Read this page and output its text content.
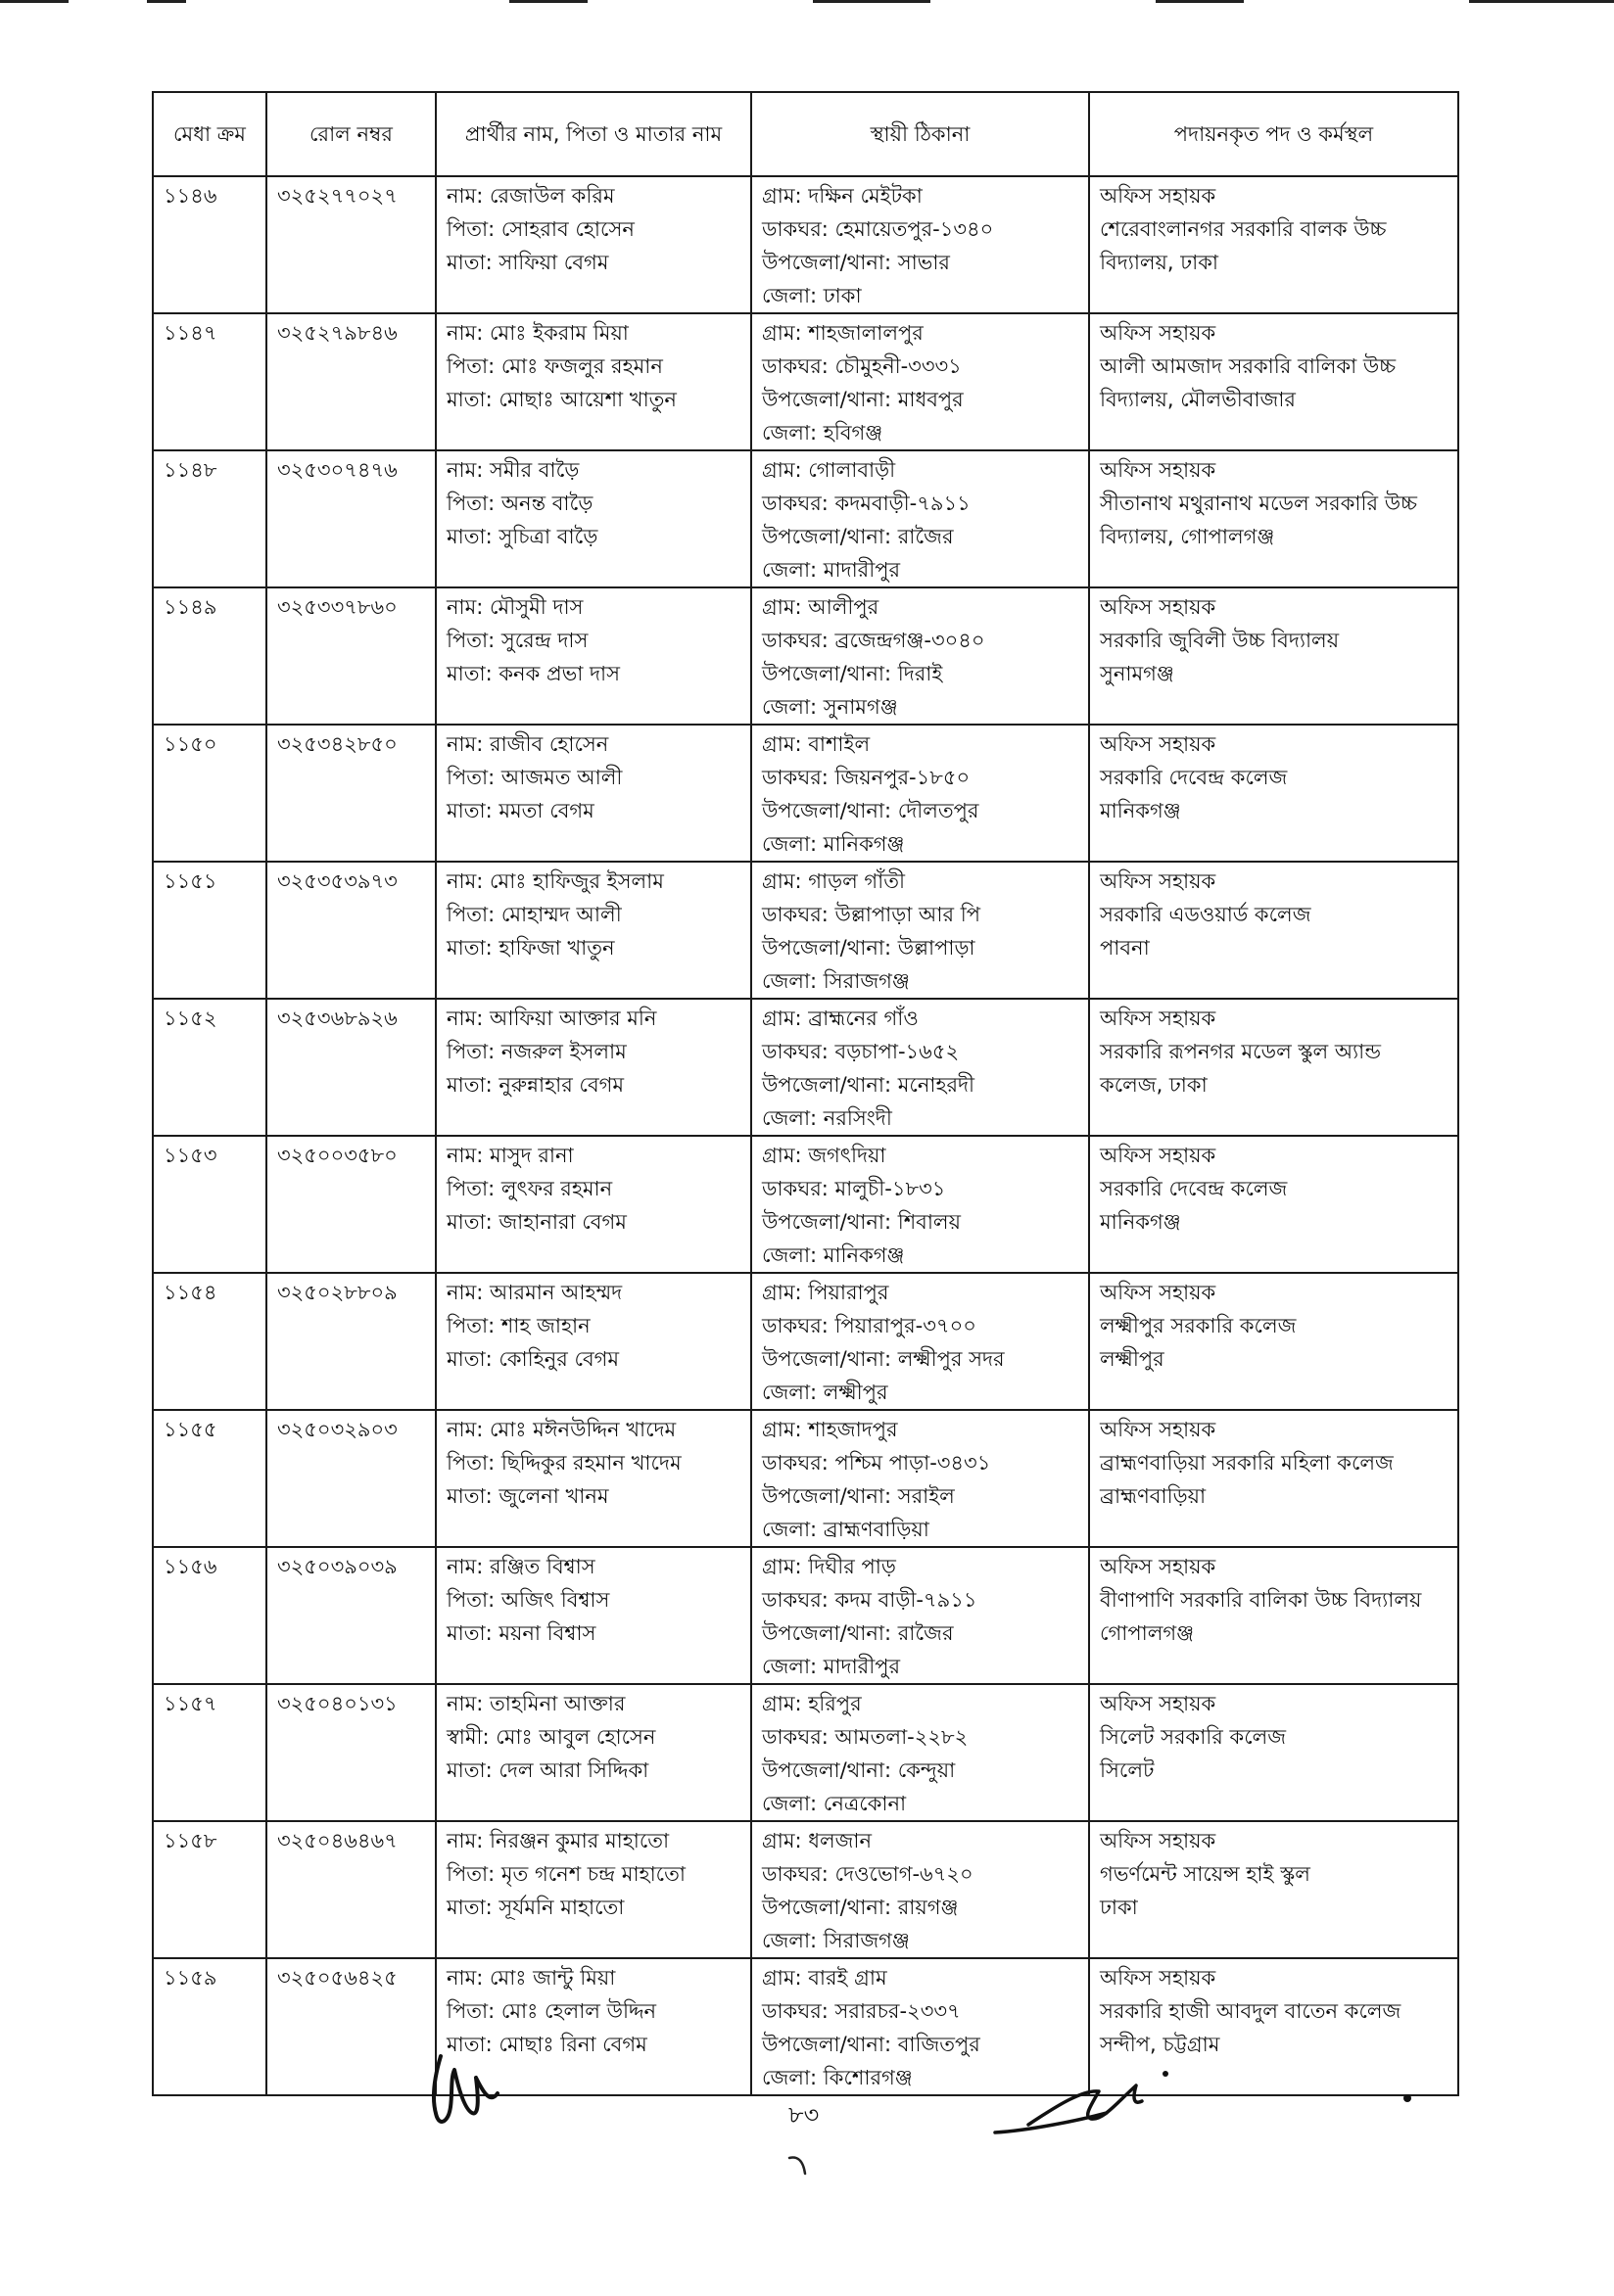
মেধা ক্রম	রোল নম্বর	প্রার্থীর নাম, পিতা ও মাতার নাম	স্থায়ী ঠিকানা	পদায়নকৃত পদ ও কর্মস্থল
১১৪৬	৩২৫২৭৭০২৭	নাম: রেজাউল করিম
পিতা: সোহরাব হোসেন
মাতা: সাফিয়া বেগম	গ্রাম: দক্ষিন মেইটকা
ডাকঘর: হেমায়েতপুর-১৩৪০
উপজেলা/থানা: সাভার
জেলা: ঢাকা	অফিস সহায়ক
শেরেবাংলানগর সরকারি বালক উচ্চ
বিদ্যালয়, ঢাকা

১১৪৭	৩২৫২৭৯৮৪৬	নাম: মোঃ ইকরাম মিয়া
পিতা: মোঃ ফজলুর রহমান
মাতা: মোছাঃ আয়েশা খাতুন	গ্রাম: শাহজালালপুর
ডাকঘর: চৌমুহনী-৩৩৩১
উপজেলা/থানা: মাধবপুর
জেলা: হবিগঞ্জ	অফিস সহায়ক
আলী আমজাদ সরকারি বালিকা উচ্চ
বিদ্যালয়, মৌলভীবাজার

১১৪৮	৩২৫৩০৭৪৭৬	নাম: সমীর বাড়ৈ
পিতা: অনন্ত বাড়ৈ
মাতা: সুচিত্রা বাড়ৈ	গ্রাম: গোলাবাড়ী
ডাকঘর: কদমবাড়ী-৭৯১১
উপজেলা/থানা: রাজৈর
জেলা: মাদারীপুর	অফিস সহায়ক
সীতানাথ মথুরানাথ মডেল সরকারি উচ্চ
বিদ্যালয়, গোপালগঞ্জ

১১৪৯	৩২৫৩৩৭৮৬০	নাম: মৌসুমী দাস
পিতা: সুরেন্দ্র দাস
মাতা: কনক প্রভা দাস	গ্রাম: আলীপুর
ডাকঘর: ব্রজেন্দ্রগঞ্জ-৩০৪০
উপজেলা/থানা: দিরাই
জেলা: সুনামগঞ্জ	অফিস সহায়ক
সরকারি জুবিলী উচ্চ বিদ্যালয়
সুনামগঞ্জ

১১৫০	৩২৫৩৪২৮৫০	নাম: রাজীব হোসেন
পিতা: আজমত আলী
মাতা: মমতা বেগম	গ্রাম: বাশাইল
ডাকঘর: জিয়নপুর-১৮৫০
উপজেলা/থানা: দৌলতপুর
জেলা: মানিকগঞ্জ	অফিস সহায়ক
সরকারি দেবেন্দ্র কলেজ
মানিকগঞ্জ

১১৫১	৩২৫৩৫৩৯৭৩	নাম: মোঃ হাফিজুর ইসলাম
পিতা: মোহাম্মদ আলী
মাতা: হাফিজা খাতুন	গ্রাম: গাড়ল গাঁতী
ডাকঘর: উল্লাপাড়া আর পি
উপজেলা/থানা: উল্লাপাড়া
জেলা: সিরাজগঞ্জ	অফিস সহায়ক
সরকারি এডওয়ার্ড কলেজ
পাবনা

১১৫২	৩২৫৩৬৮৯২৬	নাম: আফিয়া আক্তার মনি
পিতা: নজরুল ইসলাম
মাতা: নুরুন্নাহার বেগম	গ্রাম: ব্রাহ্মনের গাঁও
ডাকঘর: বড়চাপা-১৬৫২
উপজেলা/থানা: মনোহরদী
জেলা: নরসিংদী	অফিস সহায়ক
সরকারি রূপনগর মডেল স্কুল অ্যান্ড
কলেজ, ঢাকা

১১৫৩	৩২৫০০৩৫৮০	নাম: মাসুদ রানা
পিতা: লুৎফর রহমান
মাতা: জাহানারা বেগম	গ্রাম: জগৎদিয়া
ডাকঘর: মালুচী-১৮৩১
উপজেলা/থানা: শিবালয়
জেলা: মানিকগঞ্জ	অফিস সহায়ক
সরকারি দেবেন্দ্র কলেজ
মানিকগঞ্জ

১১৫৪	৩২৫০২৮৮০৯	নাম: আরমান আহম্মদ
পিতা: শাহ জাহান
মাতা: কোহিনুর বেগম	গ্রাম: পিয়ারাপুর
ডাকঘর: পিয়ারাপুর-৩৭০০
উপজেলা/থানা: লক্ষ্মীপুর সদর
জেলা: লক্ষ্মীপুর	অফিস সহায়ক
লক্ষ্মীপুর সরকারি কলেজ
লক্ষ্মীপুর

১১৫৫	৩২৫০৩২৯০৩	নাম: মোঃ মঈনউদ্দিন খাদেম
পিতা: ছিদ্দিকুর রহমান খাদেম
মাতা: জুলেনা খানম	গ্রাম: শাহজাদপুর
ডাকঘর: পশ্চিম পাড়া-৩৪৩১
উপজেলা/থানা: সরাইল
জেলা: ব্রাহ্মণবাড়িয়া	অফিস সহায়ক
ব্রাহ্মণবাড়িয়া সরকারি মহিলা কলেজ
ব্রাহ্মণবাড়িয়া

১১৫৬	৩২৫০৩৯০৩৯	নাম: রঞ্জিত বিশ্বাস
পিতা: অজিৎ বিশ্বাস
মাতা: ময়না বিশ্বাস	গ্রাম: দিঘীর পাড়
ডাকঘর: কদম বাড়ী-৭৯১১
উপজেলা/থানা: রাজৈর
জেলা: মাদারীপুর	অফিস সহায়ক
বীণাপাণি সরকারি বালিকা উচ্চ বিদ্যালয়
গোপালগঞ্জ

১১৫৭	৩২৫০৪০১৩১	নাম: তাহমিনা আক্তার
স্বামী: মোঃ আবুল হোসেন
মাতা: দেল আরা সিদ্দিকা	গ্রাম: হরিপুর
ডাকঘর: আমতলা-২২৮২
উপজেলা/থানা: কেন্দুয়া
জেলা: নেত্রকোনা	অফিস সহায়ক
সিলেট সরকারি কলেজ
সিলেট

১১৫৮	৩২৫০৪৬৪৬৭	নাম: নিরঞ্জন কুমার মাহাতো
পিতা: মৃত গনেশ চন্দ্র মাহাতো
মাতা: সূর্যমনি মাহাতো	গ্রাম: ধলজান
ডাকঘর: দেওভোগ-৬৭২০
উপজেলা/থানা: রায়গঞ্জ
জেলা: সিরাজগঞ্জ	অফিস সহায়ক
গভর্ণমেন্ট সায়েন্স হাই স্কুল
ঢাকা

১১৫৯	৩২৫০৫৬৪২৫	নাম: মোঃ জান্টু মিয়া
পিতা: মোঃ হেলাল উদ্দিন
মাতা: মোছাঃ রিনা বেগম	গ্রাম: বারই গ্রাম
ডাকঘর: সরারচর-২৩৩৭
উপজেলা/থানা: বাজিতপুর
জেলা: কিশোরগঞ্জ	অফিস সহায়ক
সরকারি হাজী আবদুল বাতেন কলেজ
সন্দীপ, চট্টগ্রাম
৮৩
